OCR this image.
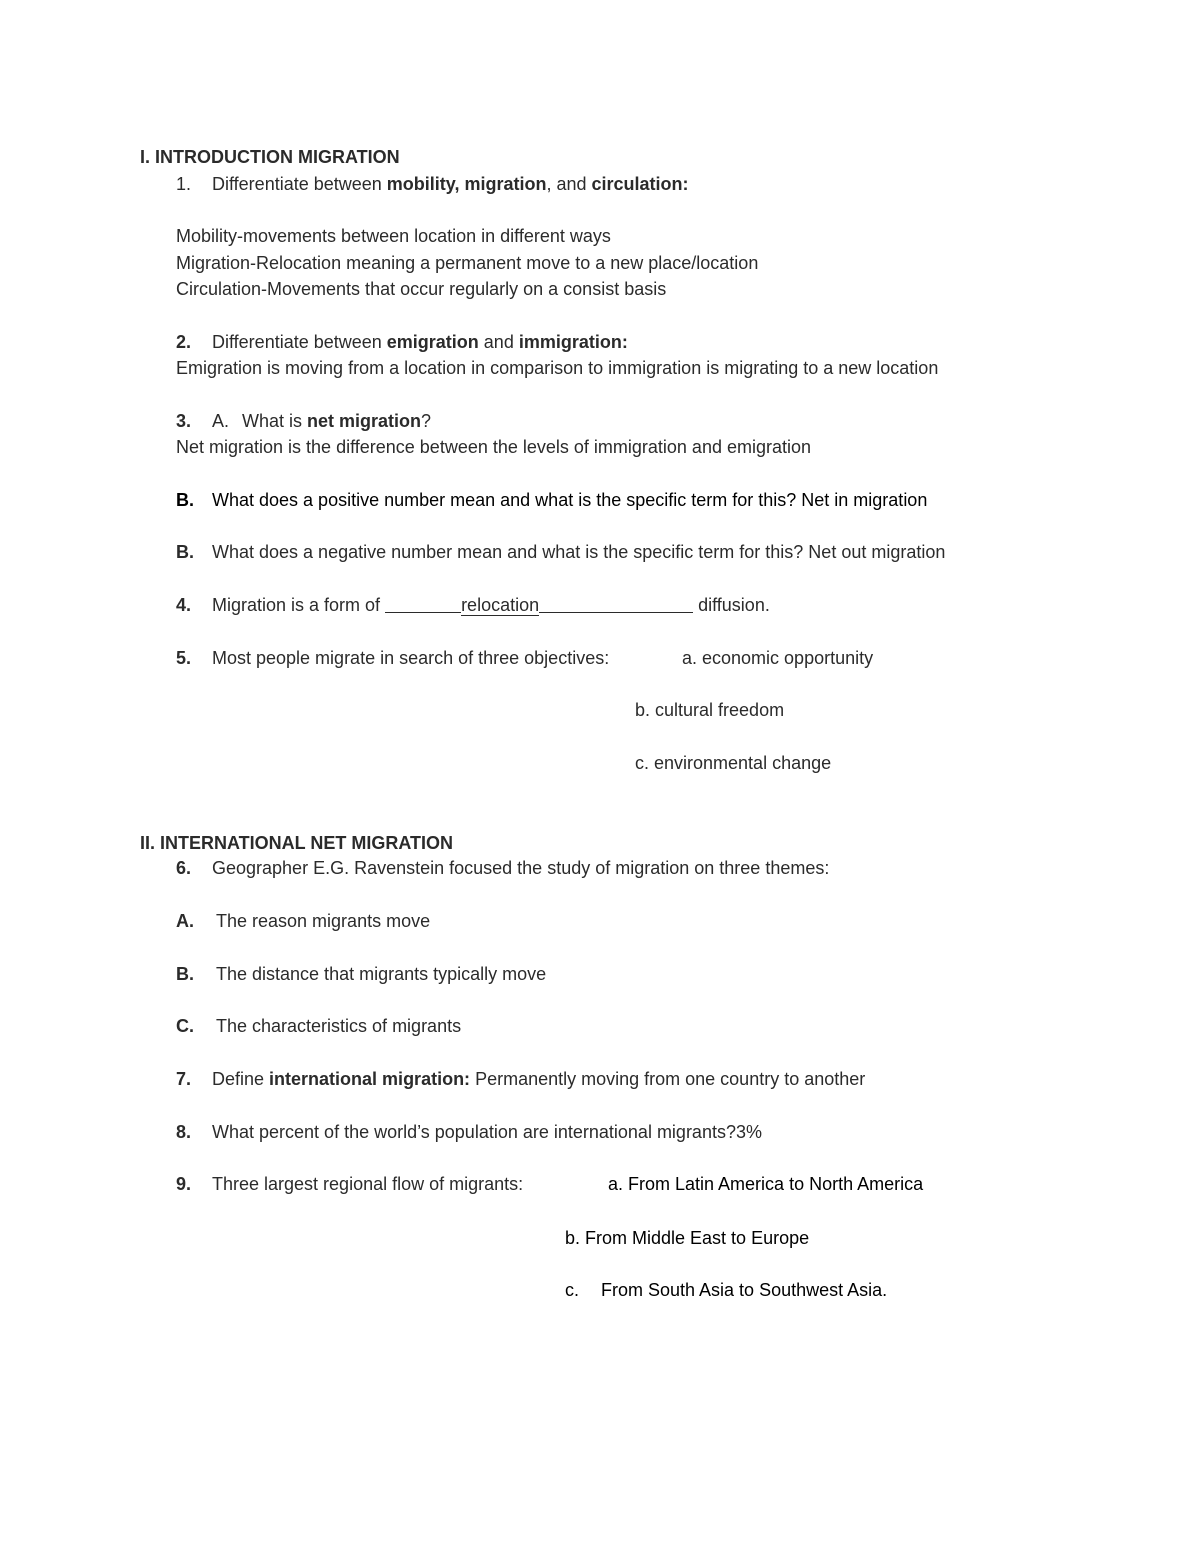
I. INTRODUCTION MIGRATION
1. Differentiate between mobility, migration, and circulation:
Mobility-movements between location in different ways
Migration-Relocation meaning a permanent move to a new place/location
Circulation-Movements that occur regularly on a consist basis
2. Differentiate between emigration and immigration:
Emigration is moving from a location in comparison to immigration is migrating to a new location
3. A. What is net migration?
Net migration is the difference between the levels of immigration and emigration
B. What does a positive number mean and what is the specific term for this? Net in migration
B. What does a negative number mean and what is the specific term for this? Net out migration
4. Migration is a form of	relocation	diffusion.
5. Most people migrate in search of three objectives:	a. economic opportunity
b. cultural freedom
c. environmental change
II. INTERNATIONAL NET MIGRATION
6. Geographer E.G. Ravenstein focused the study of migration on three themes:
A. The reason migrants move
B. The distance that migrants typically move
C. The characteristics of migrants
7. Define international migration: Permanently moving from one country to another
8. What percent of the world’s population are international migrants?3%
9. Three largest regional flow of migrants:	a. From Latin America to North America
b. From Middle East to Europe
c. From South Asia to Southwest Asia.
